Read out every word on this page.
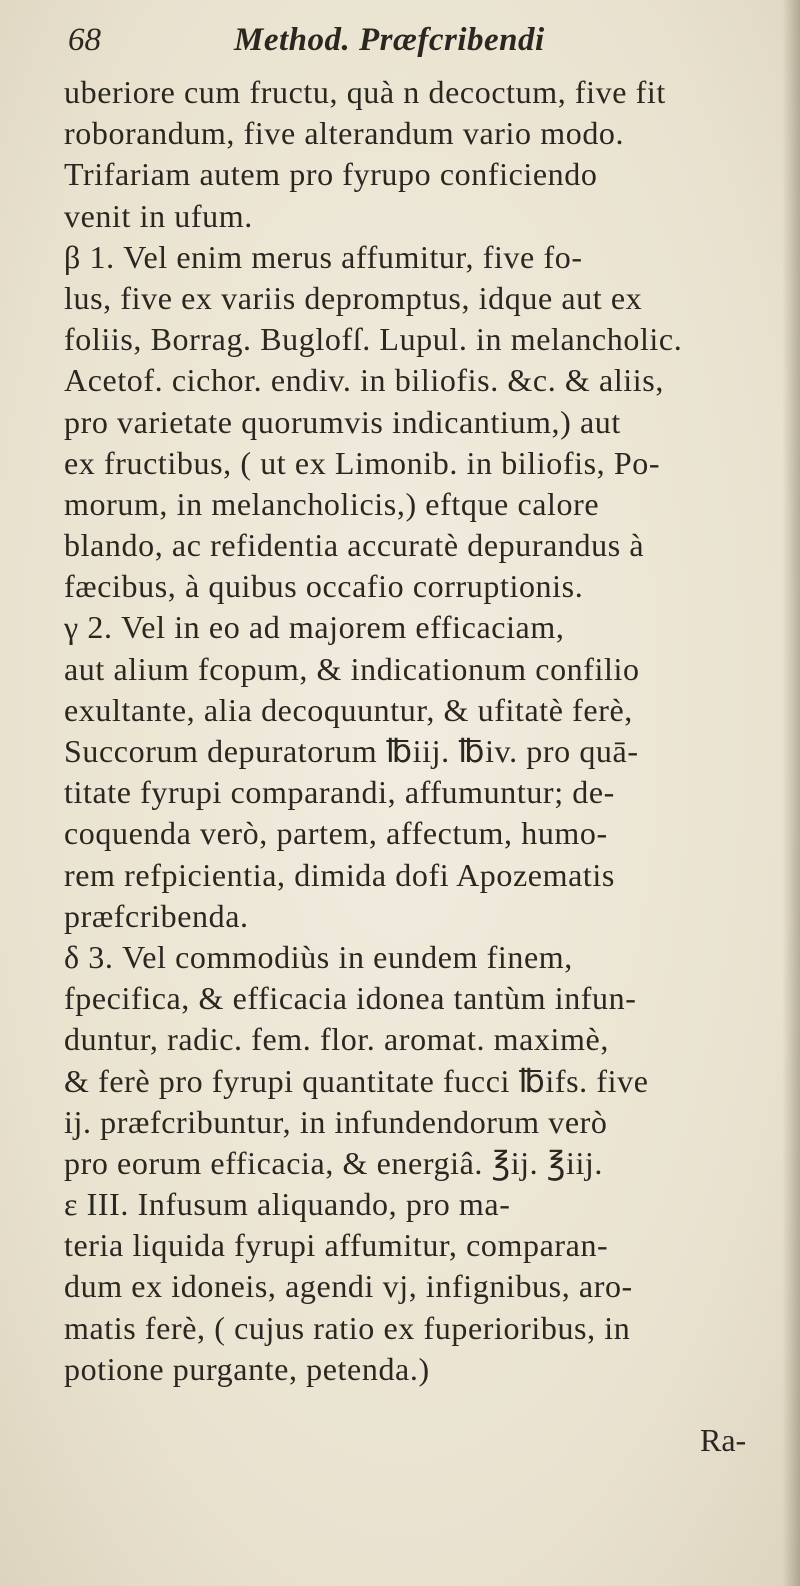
68	Method. Præfcribendi
uberiore cum fructu, quà n decoctum, five fit
roborandum, five alterandum vario modo.
Trifariam autem pro fyrupo conficiendo
venit in ufum.
β 1. Vel enim merus affumitur, five fo-
lus, five ex variis depromptus, idque aut ex
foliis, Borrag. Buglofſ. Lupul. in melancholic.
Acetof. cichor. endiv. in biliofis. &c. & aliis,
pro varietate quorumvis indicantium,) aut
ex fructibus, ( ut ex Limonib. in biliofis, Po-
morum, in melancholicis,) eftque calore
blando, ac refidentia accuratè depurandus à
fæcibus, à quibus occafio corruptionis.
γ 2. Vel in eo ad majorem efficaciam,
aut alium fcopum, & indicationum confilio
exultante, alia decoquuntur, & ufitatè ferè,
Succorum depuratorum ℔iij. ℔iv. pro quā-
titate fyrupi comparandi, affumuntur; de-
coquenda verò, partem, affectum, humo-
rem refpicientia, dimida dofi Apozematis
præfcribenda.
δ 3. Vel commodiùs in eundem finem,
fpecifica, & efficacia idonea tantùm infun-
duntur, radic. fem. flor. aromat. maximè,
& ferè pro fyrupi quantitate fucci ℔ifs. five
ij. præfcribuntur, in infundendorum verò
pro eorum efficacia, & energiâ. ℥ij. ℥iij.
ε III. Infusum aliquando, pro ma-
teria liquida fyrupi affumitur, comparan-
dum ex idoneis, agendi vj, infignibus, aro-
matis ferè, ( cujus ratio ex fuperioribus, in
potione purgante, petenda.)
Ra-
